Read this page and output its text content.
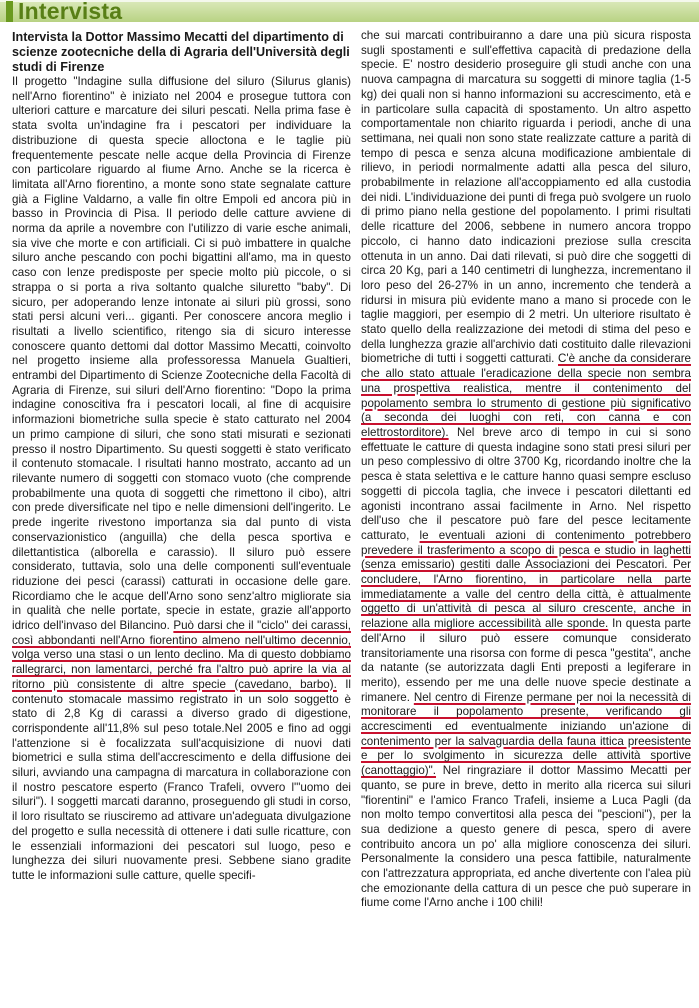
Intervista

Intervista la Dottor Massimo Mecatti del dipartimento di scienze zootecniche della di Agraria dell'Università degli studi di Firenze

Il progetto "Indagine sulla diffusione del siluro (Silurus glanis) nell'Arno fiorentino" è iniziato nel 2004 e prosegue tuttora con ulteriori catture e marcature dei siluri pescati. Nella prima fase è stata svolta un'indagine fra i pescatori per individuare la distribuzione di questa specie alloctona e le taglie più frequentemente pescate nelle acque della Provincia di Firenze con particolare riguardo al fiume Arno. Anche se la ricerca è limitata all'Arno fiorentino, a monte sono state segnalate catture già a Figline Valdarno, a valle fin oltre Empoli ed ancora più in basso in Provincia di Pisa. Il periodo delle catture avviene di norma da aprile a novembre con l'utilizzo di varie esche animali, sia vive che morte e con artificiali. Ci si può imbattere in qualche siluro anche pescando con pochi bigattini all'amo, ma in questo caso con lenze predisposte per specie molto più piccole, o si strappa o si porta a riva soltanto qualche siluretto "baby". Di sicuro, per adoperando lenze intonate ai siluri più grossi, sono stati persi alcuni veri... giganti. Per conoscere ancora meglio i risultati a livello scientifico, ritengo sia di sicuro interesse conoscere quanto dettomi dal dottor Massimo Mecatti, coinvolto nel progetto insieme alla professoressa Manuela Gualtieri, entrambi del Dipartimento di Scienze Zootecniche della Facoltà di Agraria di Firenze, sui siluri dell'Arno fiorentino: "Dopo la prima indagine conoscitiva fra i pescatori locali, al fine di acquisire informazioni biometriche sulla specie è stato catturato nel 2004 un primo campione di siluri, che sono stati misurati e sezionati presso il nostro Dipartimento. Su questi soggetti è stato verificato il contenuto stomacale. I risultati hanno mostrato, accanto ad un rilevante numero di soggetti con stomaco vuoto (che comprende probabilmente una quota di soggetti che rimettono il cibo), altri con prede diversificate nel tipo e nelle dimensioni dell'ingerito. Le prede ingerite rivestono importanza sia dal punto di vista conservazionistico (anguilla) che della pesca sportiva e dilettantistica (alborella e carassio). Il siluro può essere considerato, tuttavia, solo una delle componenti sull'eventuale riduzione dei pesci (carassi) catturati in occasione delle gare. Ricordiamo che le acque dell'Arno sono senz'altro migliorate sia in qualità che nelle portate, specie in estate, grazie all'apporto idrico dell'invaso del Bilancino. Può darsi che il "ciclo" dei carassi, così abbondanti nell'Arno fiorentino almeno nell'ultimo decennio, volga verso una stasi o un lento declino. Ma di questo dobbiamo rallegrarci, non lamentarci, perché fra l'altro può aprire la via al ritorno più consistente di altre specie (cavedano, barbo). Il contenuto stomacale massimo registrato in un solo soggetto è stato di 2,8 Kg di carassi a diverso grado di digestione, corrispondente all'11,8% sul peso totale.Nel 2005 e fino ad oggi l'attenzione si è focalizzata sull'acquisizione di nuovi dati biometrici e sulla stima dell'accrescimento e della diffusione dei siluri, avviando una campagna di marcatura in collaborazione con il nostro pescatore esperto (Franco Trafeli, ovvero l'"uomo dei siluri"). I soggetti marcati daranno, proseguendo gli studi in corso, il loro risultato se riusciremo ad attivare un'adeguata divulgazione del progetto e sulla necessità di ottenere i dati sulle ricatture, con le essenziali informazioni dei pescatori sul luogo, peso e lunghezza dei siluri nuovamente presi. Sebbene siano gradite tutte le informazioni sulle catture, quelle specifi-

che sui marcati contribuiranno a dare una più sicura risposta sugli spostamenti e sull'effettiva capacità di predazione della specie. E' nostro desiderio proseguire gli studi anche con una nuova campagna di marcatura su soggetti di minore taglia (1-5 kg) dei quali non si hanno informazioni su accrescimento, età e in particolare sulla capacità di spostamento. Un altro aspetto comportamentale non chiarito riguarda i periodi, anche di una settimana, nei quali non sono state realizzate catture a parità di tempo di pesca e senza alcuna modificazione ambientale di rilievo, in periodi normalmente adatti alla pesca del siluro, probabilmente in relazione all'accoppiamento ed alla custodia dei nidi. L'individuazione dei punti di frega può svolgere un ruolo di primo piano nella gestione del popolamento. I primi risultati delle ricatture del 2006, sebbene in numero ancora troppo piccolo, ci hanno dato indicazioni preziose sulla crescita ottenuta in un anno. Dai dati rilevati, si può dire che soggetti di circa 20 Kg, pari a 140 centimetri di lunghezza, incrementano il loro peso del 26-27% in un anno, incremento che tenderà a ridursi in misura più evidente mano a mano si procede con le taglie maggiori, per esempio di 2 metri. Un ulteriore risultato è stato quello della realizzazione dei metodi di stima del peso e della lunghezza grazie all'archivio dati costituito dalle rilevazioni biometriche di tutti i soggetti catturati. C'è anche da considerare che allo stato attuale l'eradicazione della specie non sembra una prospettiva realistica, mentre il contenimento del popolamento sembra lo strumento di gestione più significativo (a seconda dei luoghi con reti, con canna e con elettrostorditore). Nel breve arco di tempo in cui si sono effettuate le catture di questa indagine sono stati presi siluri per un peso complessivo di oltre 3700 Kg, ricordando inoltre che la pesca è stata selettiva e le catture hanno quasi sempre escluso soggetti di piccola taglia, che invece i pescatori dilettanti ed agonisti incontrano assai facilmente in Arno. Nel rispetto dell'uso che il pescatore può fare del pesce lecitamente catturato, le eventuali azioni di contenimento potrebbero prevedere il trasferimento a scopo di pesca e studio in laghetti (senza emissario) gestiti dalle Associazioni dei Pescatori. Per concludere, l'Arno fiorentino, in particolare nella parte immediatamente a valle del centro della città, è attualmente oggetto di un'attività di pesca al siluro crescente, anche in relazione alla migliore accessibilità alle sponde. In questa parte dell'Arno il siluro può essere comunque considerato transitoriamente una risorsa con forme di pesca "gestita", anche da natante (se autorizzata dagli Enti preposti a legiferare in merito), essendo per me una delle nuove specie destinate a rimanere. Nel centro di Firenze permane per noi la necessità di monitorare il popolamento presente, verificando gli accrescimenti ed eventualmente iniziando un'azione di contenimento per la salvaguardia della fauna ittica preesistente e per lo svolgimento in sicurezza delle attività sportive (canottaggio)". Nel ringraziare il dottor Massimo Mecatti per quanto, se pure in breve, detto in merito alla ricerca sui siluri "fiorentini" e l'amico Franco Trafeli, insieme a Luca Pagli (da non molto tempo convertitosi alla pesca dei "pescioni"), per la sua dedizione a questo genere di pesca, spero di avere contribuito ancora un po' alla migliore conoscenza dei siluri. Personalmente la considero una pesca fattibile, naturalmente con l'attrezzatura appropriata, ed anche divertente con l'alea più che emozionante della cattura di un pesce che può superare in fiume come l'Arno anche i 100 chili!
